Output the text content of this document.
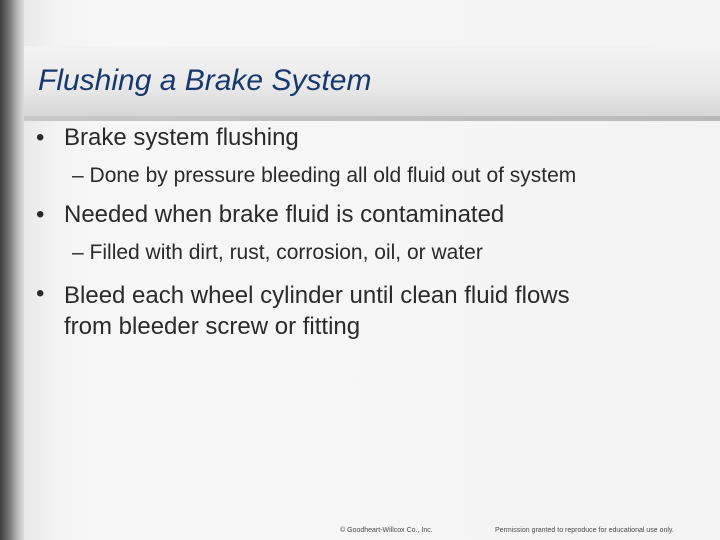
Flushing a Brake System
• Brake system flushing
– Done by pressure bleeding all old fluid out of system
• Needed when brake fluid is contaminated
– Filled with dirt, rust, corrosion, oil, or water
• Bleed each wheel cylinder until clean fluid flows
from bleeder screw or fitting
© Goodheart-Willcox Co., Inc.	Permission granted to reproduce for educational use only.
